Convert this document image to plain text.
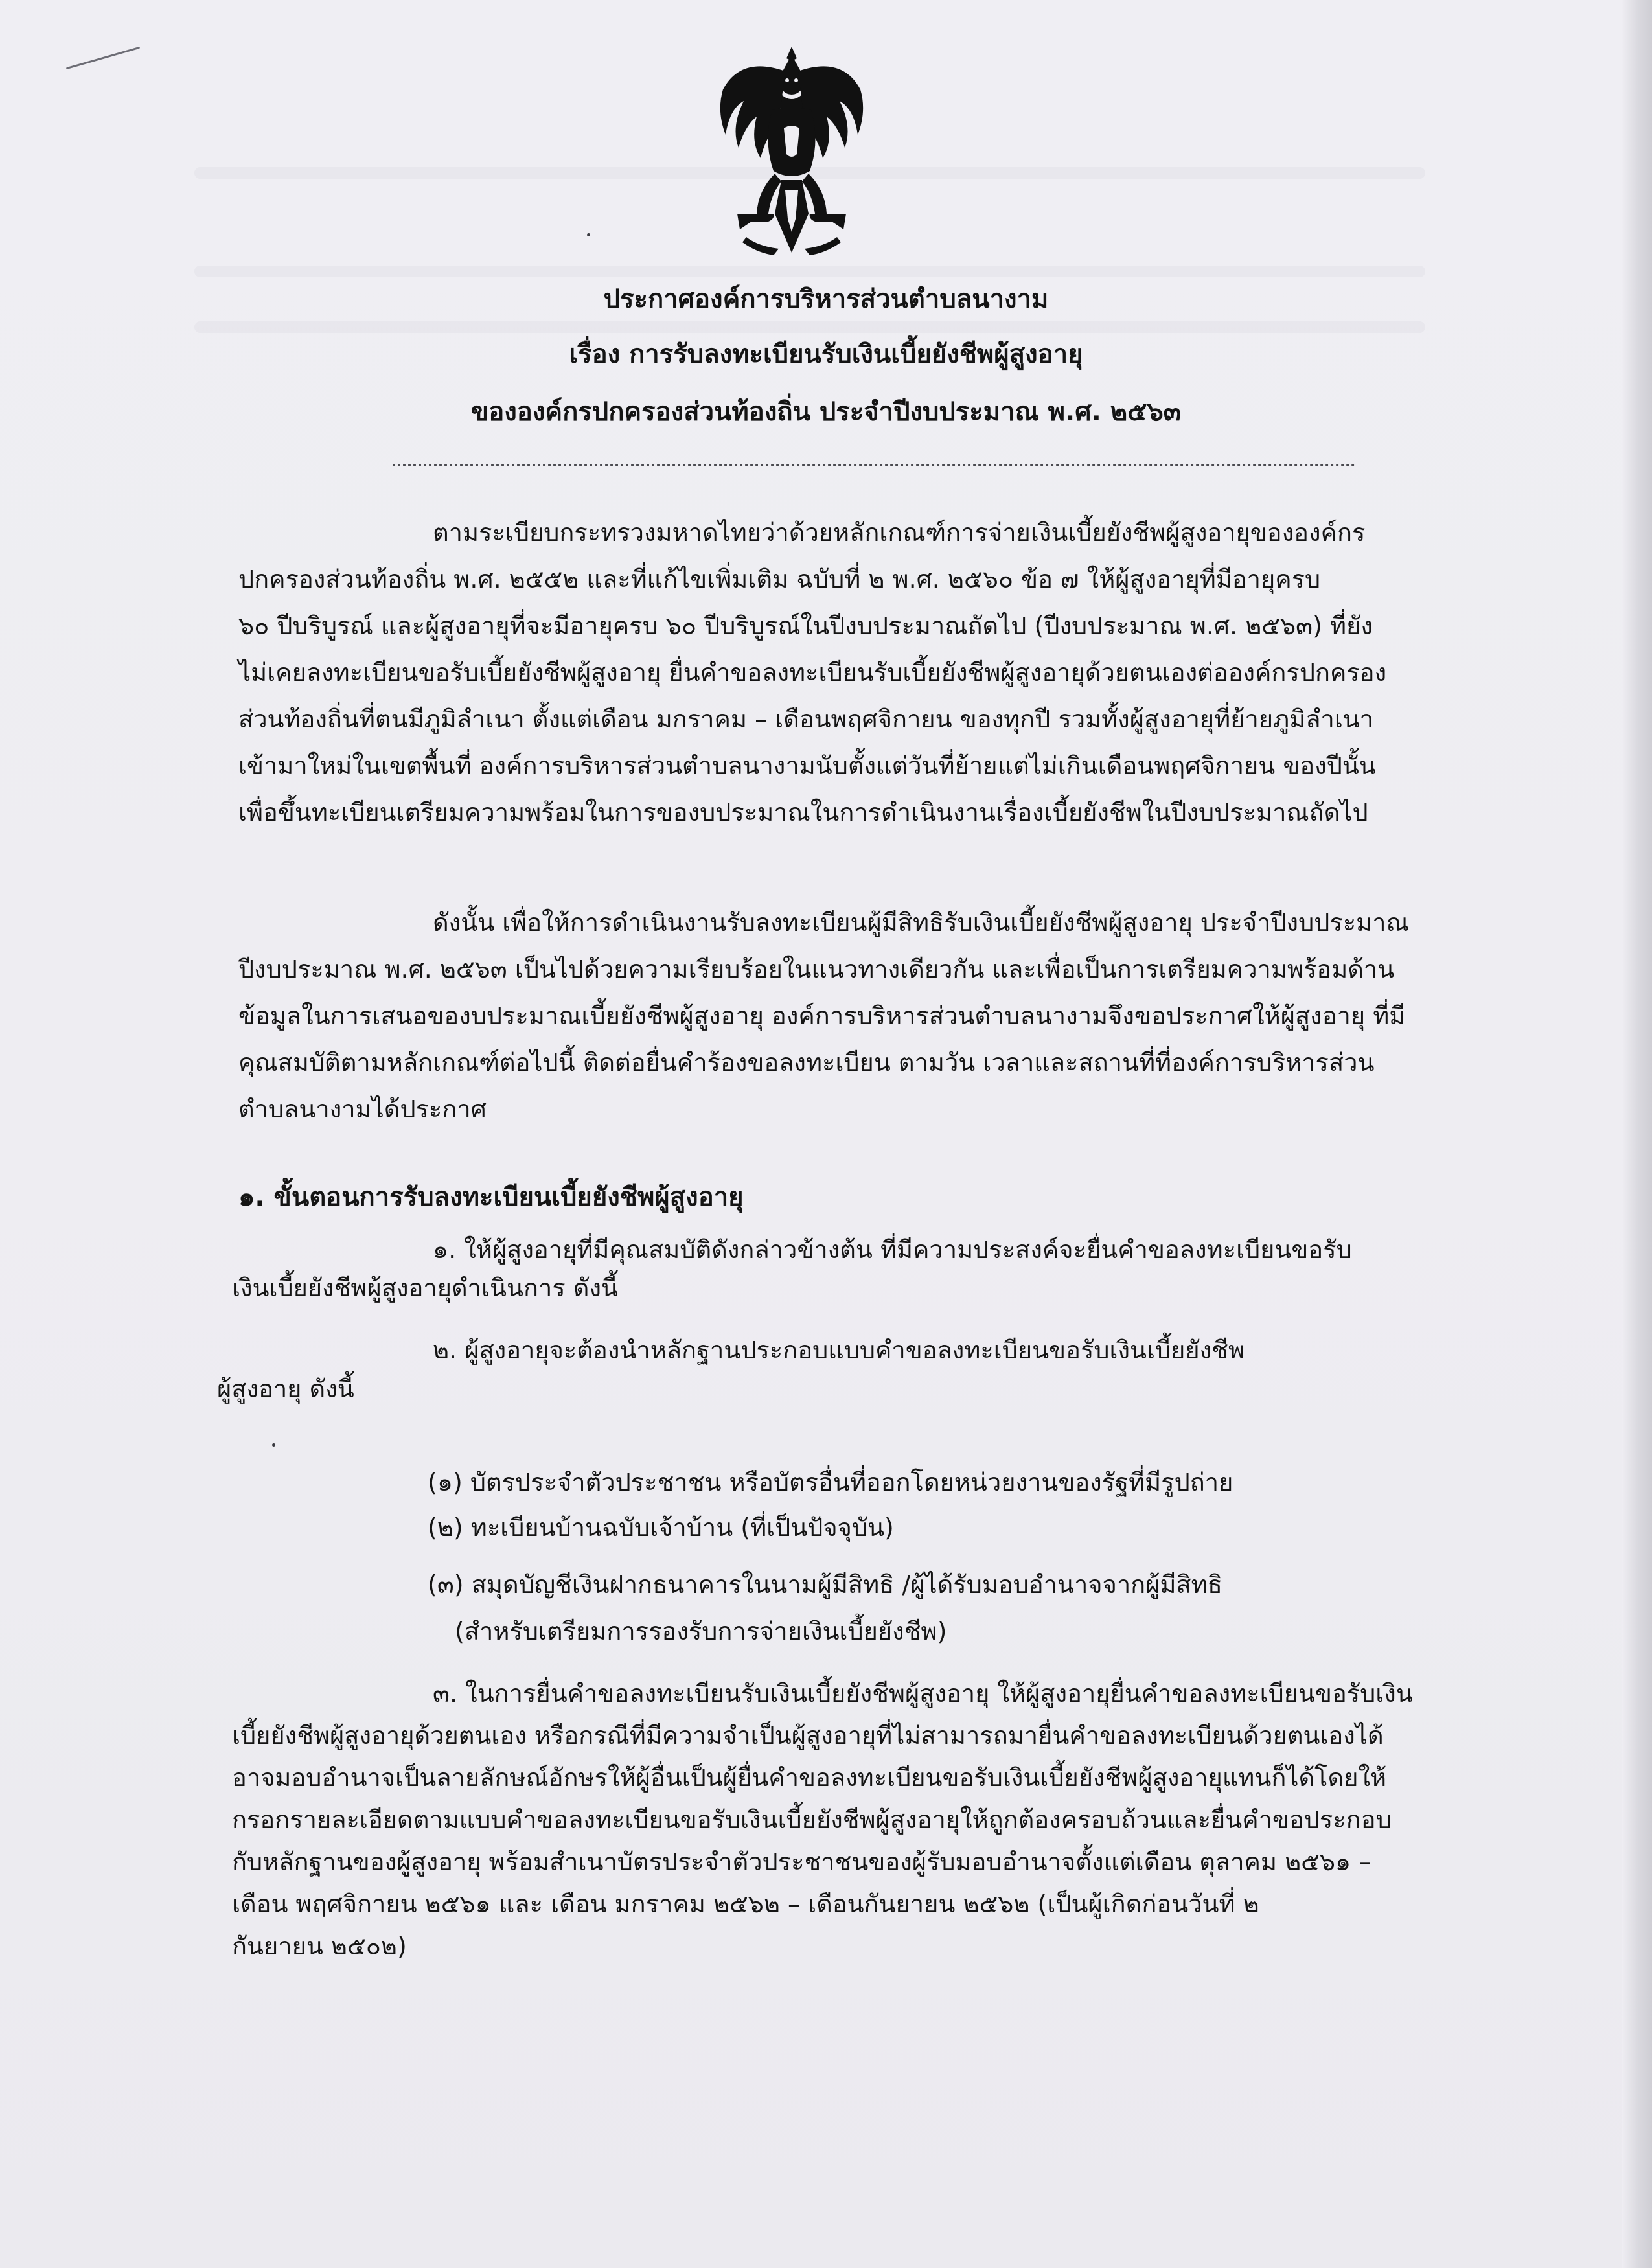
ประกาศองค์การบริหารส่วนตำบลนางาม
เรื่อง การรับลงทะเบียนรับเงินเบี้ยยังชีพผู้สูงอายุ
ขององค์กรปกครองส่วนท้องถิ่น ประจำปีงบประมาณ พ.ศ. ๒๕๖๓
ตามระเบียบกระทรวงมหาดไทยว่าด้วยหลักเกณฑ์การจ่ายเงินเบี้ยยังชีพผู้สูงอายุขององค์กร
ปกครองส่วนท้องถิ่น พ.ศ. ๒๕๕๒ และที่แก้ไขเพิ่มเติม ฉบับที่ ๒ พ.ศ. ๒๕๖๐ ข้อ ๗ ให้ผู้สูงอายุที่มีอายุครบ
๖๐ ปีบริบูรณ์ และผู้สูงอายุที่จะมีอายุครบ ๖๐ ปีบริบูรณ์ในปีงบประมาณถัดไป (ปีงบประมาณ พ.ศ. ๒๕๖๓) ที่ยัง
ไม่เคยลงทะเบียนขอรับเบี้ยยังชีพผู้สูงอายุ ยื่นคำขอลงทะเบียนรับเบี้ยยังชีพผู้สูงอายุด้วยตนเองต่อองค์กรปกครอง
ส่วนท้องถิ่นที่ตนมีภูมิลำเนา ตั้งแต่เดือน มกราคม – เดือนพฤศจิกายน ของทุกปี รวมทั้งผู้สูงอายุที่ย้ายภูมิลำเนา
เข้ามาใหม่ในเขตพื้นที่ องค์การบริหารส่วนตำบลนางามนับตั้งแต่วันที่ย้ายแต่ไม่เกินเดือนพฤศจิกายน ของปีนั้น
เพื่อขึ้นทะเบียนเตรียมความพร้อมในการของบประมาณในการดำเนินงานเรื่องเบี้ยยังชีพในปีงบประมาณถัดไป
ดังนั้น เพื่อให้การดำเนินงานรับลงทะเบียนผู้มีสิทธิรับเงินเบี้ยยังชีพผู้สูงอายุ ประจำปีงบประมาณ
ปีงบประมาณ พ.ศ. ๒๕๖๓ เป็นไปด้วยความเรียบร้อยในแนวทางเดียวกัน และเพื่อเป็นการเตรียมความพร้อมด้าน
ข้อมูลในการเสนอของบประมาณเบี้ยยังชีพผู้สูงอายุ องค์การบริหารส่วนตำบลนางามจึงขอประกาศให้ผู้สูงอายุ ที่มี
คุณสมบัติตามหลักเกณฑ์ต่อไปนี้ ติดต่อยื่นคำร้องขอลงทะเบียน ตามวัน เวลาและสถานที่ที่องค์การบริหารส่วน
ตำบลนางามได้ประกาศ
๑. ขั้นตอนการรับลงทะเบียนเบี้ยยังชีพผู้สูงอายุ
๑. ให้ผู้สูงอายุที่มีคุณสมบัติดังกล่าวข้างต้น ที่มีความประสงค์จะยื่นคำขอลงทะเบียนขอรับ
เงินเบี้ยยังชีพผู้สูงอายุดำเนินการ ดังนี้
๒. ผู้สูงอายุจะต้องนำหลักฐานประกอบแบบคำขอลงทะเบียนขอรับเงินเบี้ยยังชีพ
ผู้สูงอายุ ดังนี้
(๑) บัตรประจำตัวประชาชน หรือบัตรอื่นที่ออกโดยหน่วยงานของรัฐที่มีรูปถ่าย
(๒) ทะเบียนบ้านฉบับเจ้าบ้าน (ที่เป็นปัจจุบัน)
(๓) สมุดบัญชีเงินฝากธนาคารในนามผู้มีสิทธิ /ผู้ได้รับมอบอำนาจจากผู้มีสิทธิ
(สำหรับเตรียมการรองรับการจ่ายเงินเบี้ยยังชีพ)
๓. ในการยื่นคำขอลงทะเบียนรับเงินเบี้ยยังชีพผู้สูงอายุ ให้ผู้สูงอายุยื่นคำขอลงทะเบียนขอรับเงิน
เบี้ยยังชีพผู้สูงอายุด้วยตนเอง หรือกรณีที่มีความจำเป็นผู้สูงอายุที่ไม่สามารถมายื่นคำขอลงทะเบียนด้วยตนเองได้
อาจมอบอำนาจเป็นลายลักษณ์อักษรให้ผู้อื่นเป็นผู้ยื่นคำขอลงทะเบียนขอรับเงินเบี้ยยังชีพผู้สูงอายุแทนก็ได้โดยให้
กรอกรายละเอียดตามแบบคำขอลงทะเบียนขอรับเงินเบี้ยยังชีพผู้สูงอายุให้ถูกต้องครอบถ้วนและยื่นคำขอประกอบ
กับหลักฐานของผู้สูงอายุ พร้อมสำเนาบัตรประจำตัวประชาชนของผู้รับมอบอำนาจตั้งแต่เดือน ตุลาคม ๒๕๖๑ –
เดือน พฤศจิกายน ๒๕๖๑ และ เดือน มกราคม ๒๕๖๒ – เดือนกันยายน ๒๕๖๒ (เป็นผู้เกิดก่อนวันที่ ๒
กันยายน ๒๕๐๒)
